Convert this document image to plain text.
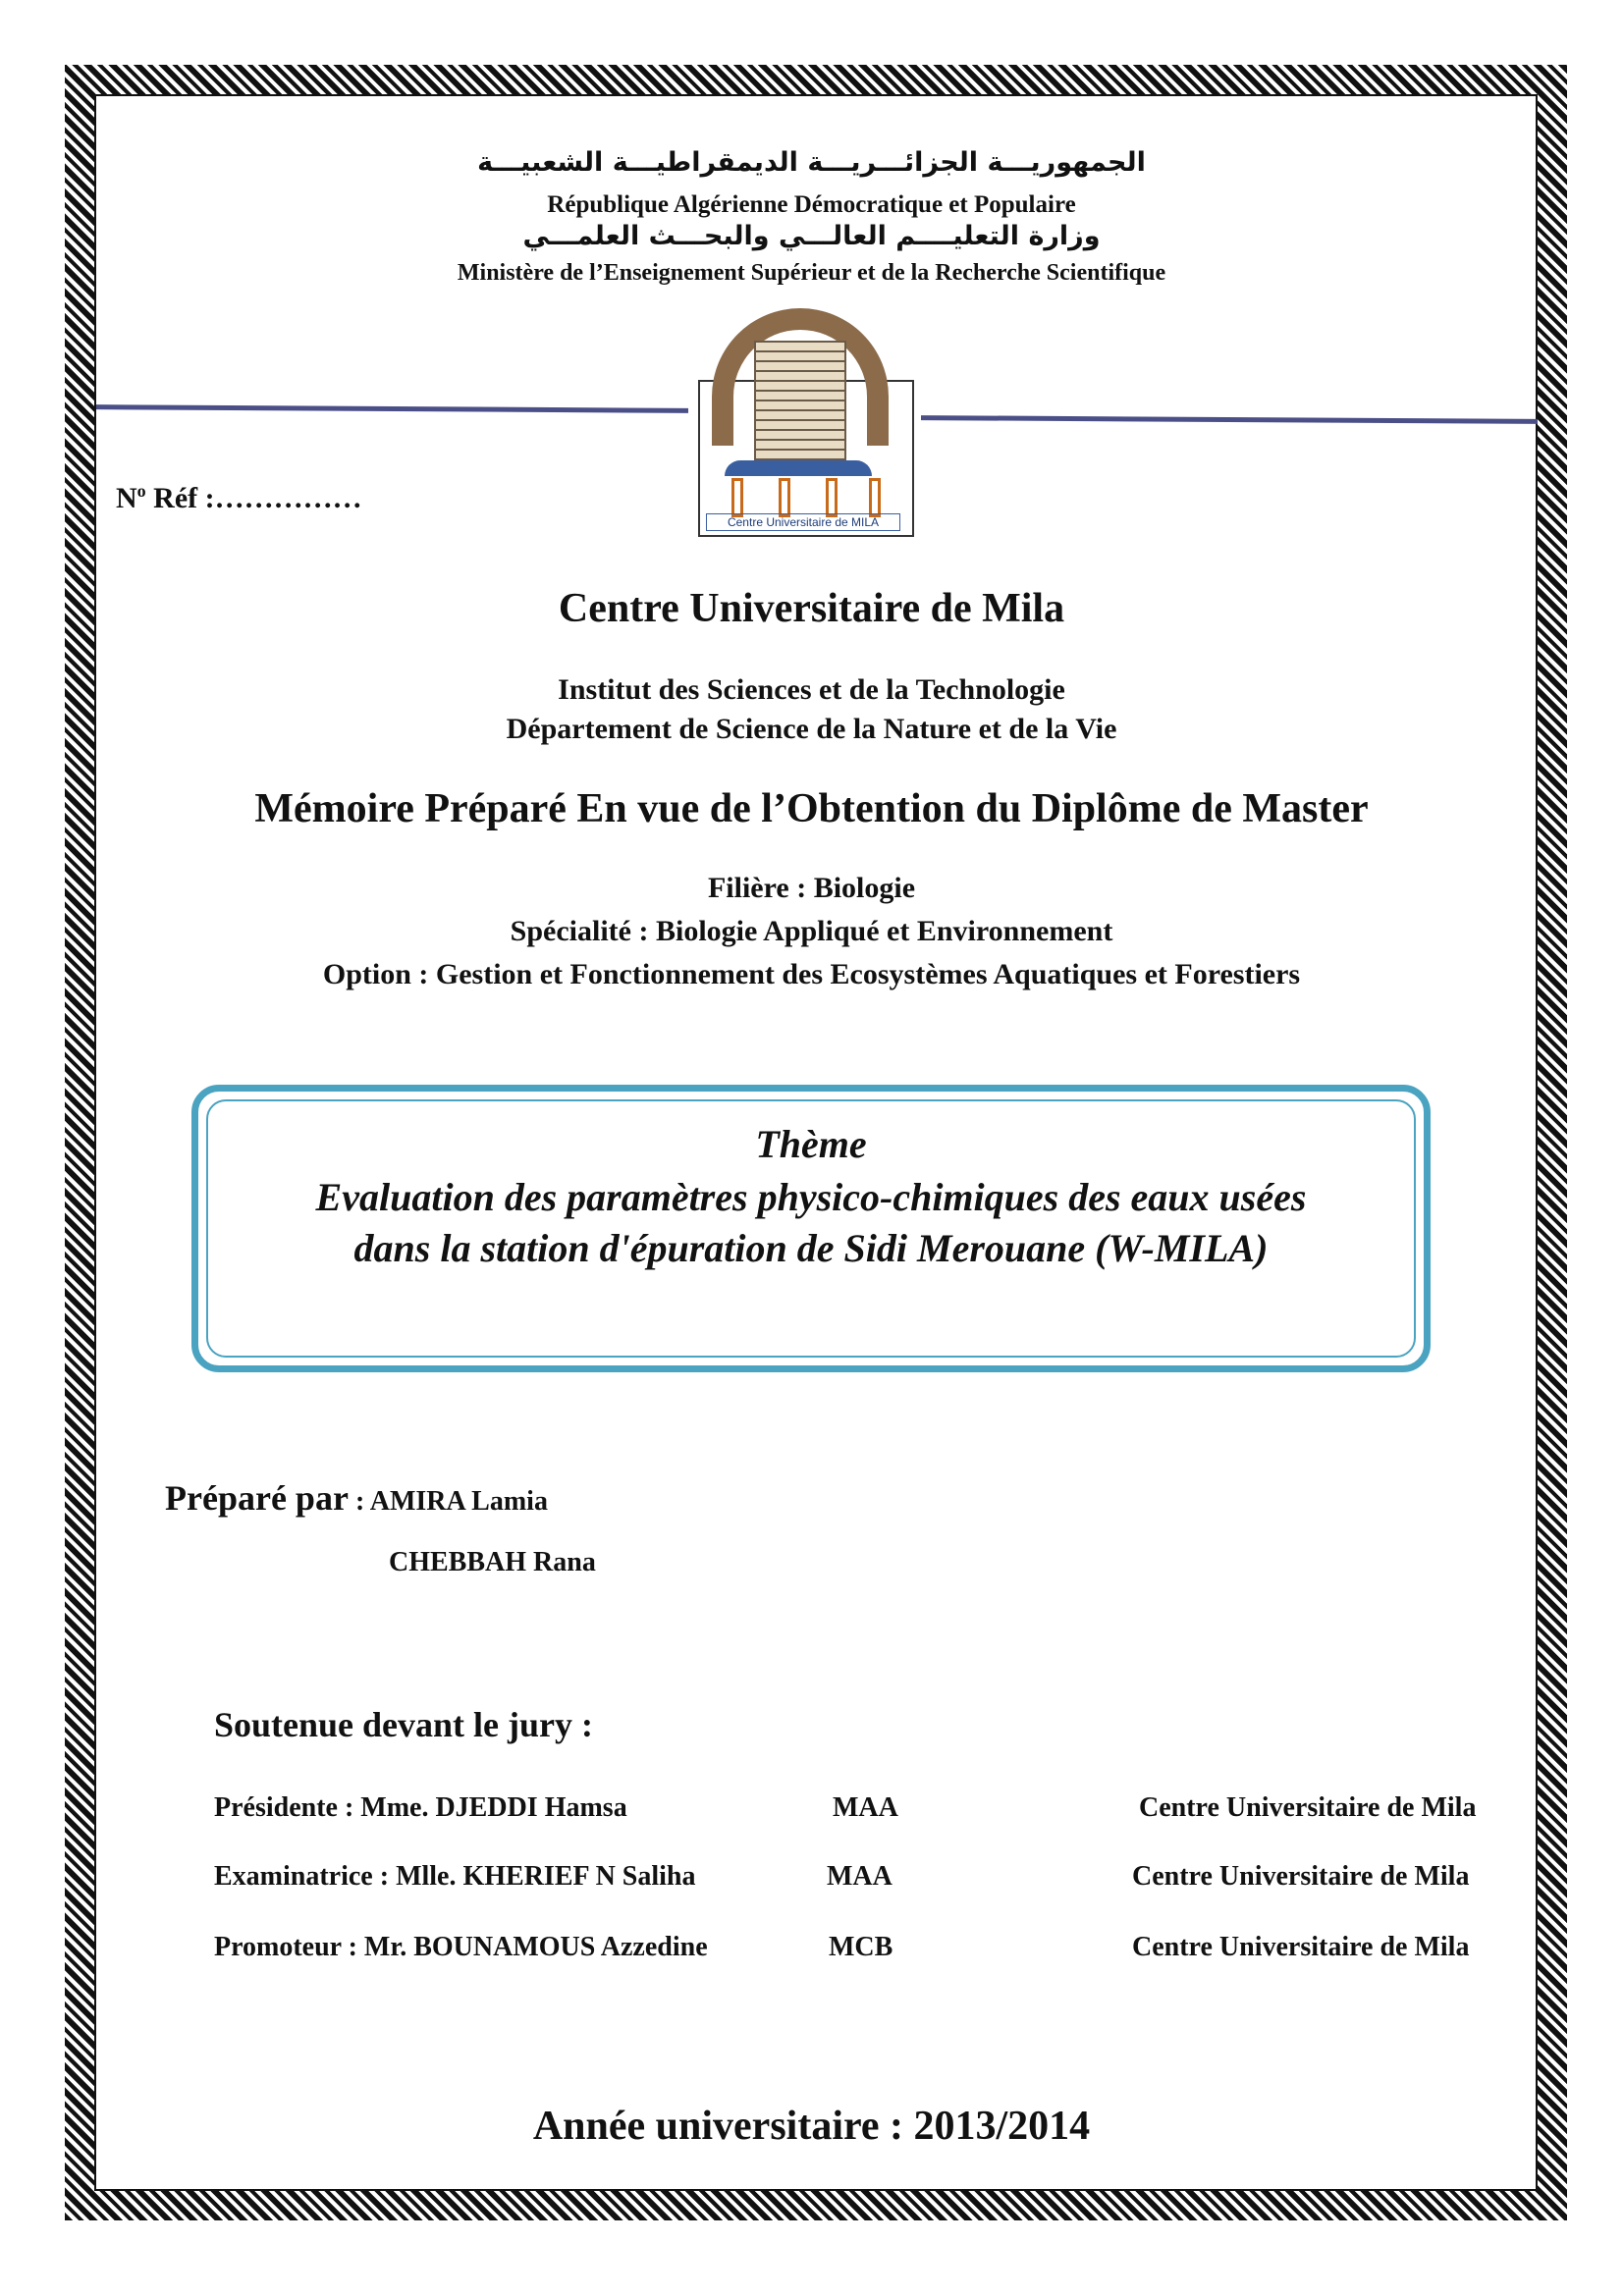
الجمهوريـــة الجزائـــريـــة الديمقراطيـــة الشعبيـــة
République Algérienne Démocratique et Populaire
وزارة التعليــــم العالـــي والبحـــث العلمـــي
Ministère de l’Enseignement Supérieur et de la Recherche Scientifique
Centre Universitaire de MILA
$N^o$ Réf :……………
Centre Universitaire de Mila
Institut des Sciences et de la Technologie
Département de Science de la Nature et de la Vie
Mémoire Préparé En vue de l’Obtention du Diplôme de Master
Filière : Biologie
Spécialité : Biologie Appliqué et Environnement
Option : Gestion et Fonctionnement des Ecosystèmes Aquatiques et Forestiers
Thème
Evaluation des paramètres physico-chimiques des eaux usées
dans la station d'épuration de Sidi Merouane (W-MILA)
Préparé par : AMIRA Lamia
CHEBBAH Rana
Soutenue devant le jury :
Présidente : Mme. DJEDDI Hamsa	MAA	Centre Universitaire de Mila
Examinatrice : Mlle. KHERIEF N Saliha	MAA	Centre Universitaire de Mila
Promoteur : Mr. BOUNAMOUS Azzedine	MCB	Centre Universitaire de Mila
Année universitaire : 2013/2014
